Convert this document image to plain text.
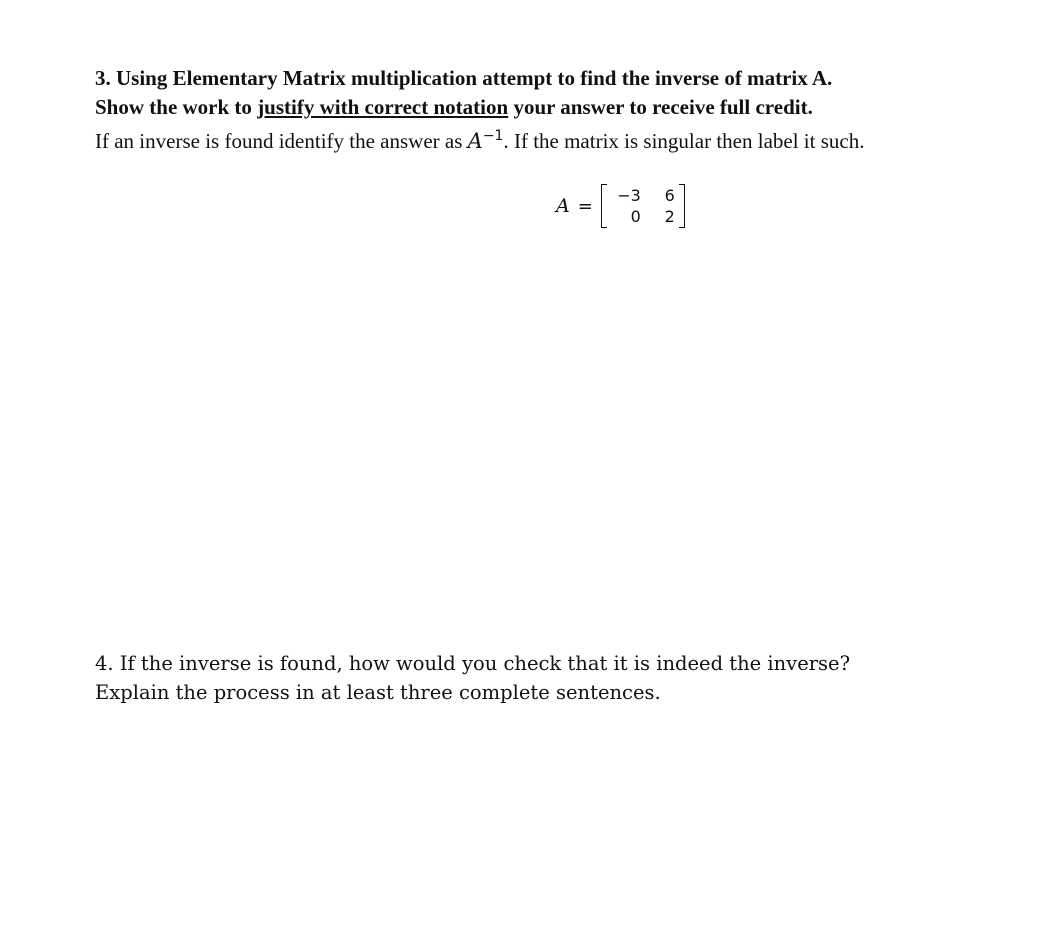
3. Using Elementary Matrix multiplication attempt to find the inverse of matrix A.
Show the work to justify with correct notation your answer to receive full credit.
If an inverse is found identify the answer as $A^{-1}$. If the matrix is singular then label it such.
A =	−3	6
0	2
4. If the inverse is found, how would you check that it is indeed the inverse?
Explain the process in at least three complete sentences.
